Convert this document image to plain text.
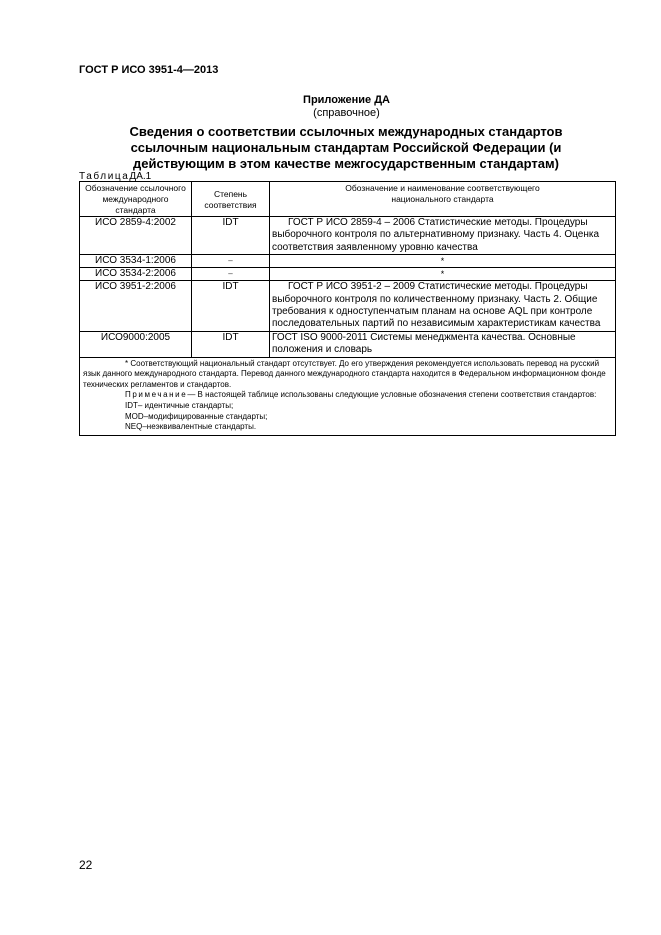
ГОСТ Р ИСО 3951-4—2013
Приложение ДА
(справочное)
Сведения о соответствии ссылочных международных стандартов ссылочным национальным стандартам Российской Федерации (и действующим в этом качестве межгосударственным стандартам)
ТаблицаДА.1
Обозначение ссылочного международного стандарта	Степень соответствия	Обозначение и наименование соответствующего национального стандарта
ИСО 2859-4:2002	IDT	ГОСТ Р ИСО 2859-4 – 2006 Статистические методы. Процедуры выборочного контроля по альтернативному признаку. Часть 4. Оценка соответствия заявленному уровню качества
ИСО 3534-1:2006	–	*
ИСО 3534-2:2006	–	*
ИСО 3951-2:2006	IDT	ГОСТ Р ИСО 3951-2 – 2009 Статистические методы. Процедуры выборочного контроля по количественному признаку. Часть 2. Общие требования к одноступенчатым планам на основе AQL при контроле последовательных партий по независимым характеристикам качества
ИСО9000:2005	IDT	ГОСТ ISO 9000-2011 Системы менеджмента качества. Основные положения и словарь

* Соответствующий национальный стандарт отсутствует. До его утверждения рекомендуется использовать перевод на русский язык данного международного стандарта. Перевод данного международного стандарта находится в Федеральном информационном фонде технических регламентов и стандартов.
Примечание— В настоящей таблице использованы следующие условные обозначения степени соответствия стандартов:
IDT– идентичные стандарты;
MOD–модифицированные стандарты;
NEQ–неэквивалентные стандарты.		
22
